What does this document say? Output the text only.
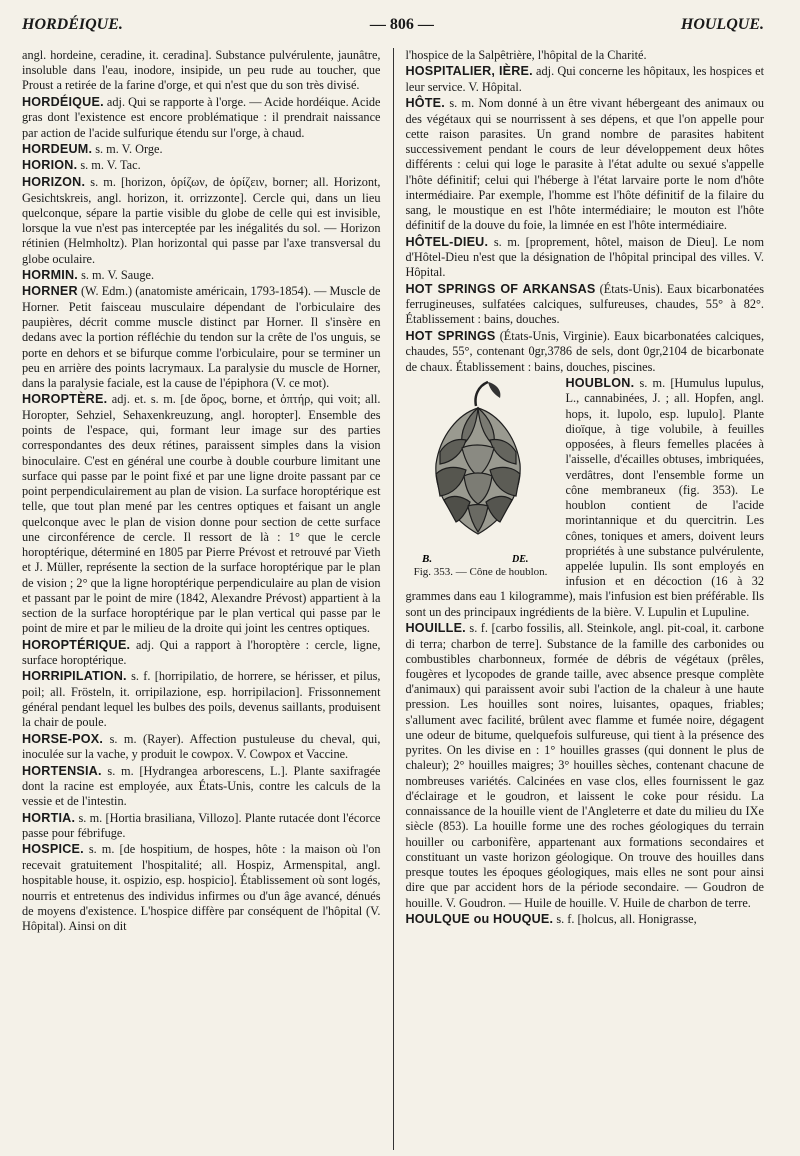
HORDÉIQUE.	— 806 —	HOULQUE.

angl. hordeine, ceradine, it. ceradina]. Substance pulvérulente, jaunâtre, insoluble dans l'eau, inodore, insipide, un peu rude au toucher, que Proust a retirée de la farine d'orge, et qui n'est que du son très divisé.

HORDÉIQUE. adj. Qui se rapporte à l'orge. — Acide hordéique. Acide gras dont l'existence est encore problématique : il prendrait naissance par action de l'acide sulfurique étendu sur l'orge, à chaud.

HORDEUM. s. m. V. Orge.

HORION. s. m. V. Tac.

HORIZON. s. m. [horizon, ὁρίζων, de ὁρίζειν, borner; all. Horizont, Gesichtskreis, angl. horizon, it. orrizzonte]. Cercle qui, dans un lieu quelconque, sépare la partie visible du globe de celle qui est invisible, lorsque la vue n'est pas interceptée par les inégalités du sol. — Horizon rétinien (Helmholtz). Plan horizontal qui passe par l'axe transversal du globe oculaire.

HORMIN. s. m. V. Sauge.

HORNER (W. Edm.) (anatomiste américain, 1793-1854). — Muscle de Horner. Petit faisceau musculaire dépendant de l'orbiculaire des paupières, décrit comme muscle distinct par Horner. Il s'insère en dedans avec la portion réfléchie du tendon sur la crête de l'os unguis, se porte en dehors et se bifurque comme l'orbiculaire, pour se terminer un peu en arrière des points lacrymaux. La paralysie du muscle de Horner, dans la paralysie faciale, est la cause de l'épiphora (V. ce mot).

HOROPTÈRE. adj. et. s. m. [de ὅρος, borne, et ὀπτήρ, qui voit; all. Horopter, Sehziel, Sehaxenkreuzung, angl. horopter]. Ensemble des points de l'espace, qui, formant leur image sur des parties correspondantes des deux rétines, paraissent simples dans la vision binoculaire. C'est en général une courbe à double courbure limitant une surface qui passe par le point fixé et par une ligne droite passant par ce point perpendiculairement au plan de vision. La surface horoptérique est telle, que tout plan mené par les centres optiques et faisant un angle quelconque avec le plan de vision donne pour section de cette surface une circonférence de cercle. Il ressort de là : 1° que le cercle horoptérique, déterminé en 1805 par Pierre Prévost et retrouvé par Vieth et J. Müller, représente la section de la surface horoptérique par le plan de vision ; 2° que la ligne horoptérique perpendiculaire au plan de vision et passant par le point de mire (1842, Alexandre Prévost) appartient à la section de la surface horoptérique par le plan vertical qui passe par le point de mire et par le milieu de la droite qui joint les centres optiques.

HOROPTÉRIQUE. adj. Qui a rapport à l'horoptère : cercle, ligne, surface horoptérique.

HORRIPILATION. s. f. [horripilatio, de horrere, se hérisser, et pilus, poil; all. Frösteln, it. orripilazione, esp. horripilacion]. Frissonnement général pendant lequel les bulbes des poils, devenus saillants, produisent la chair de poule.

HORSE-POX. s. m. (Rayer). Affection pustuleuse du cheval, qui, inoculée sur la vache, y produit le cowpox. V. Cowpox et Vaccine.

HORTENSIA. s. m. [Hydrangea arborescens, L.]. Plante saxifragée dont la racine est employée, aux États-Unis, contre les calculs de la vessie et de l'intestin.

HORTIA. s. m. [Hortia brasiliana, Villozo]. Plante rutacée dont l'écorce passe pour fébrifuge.

HOSPICE. s. m. [de hospitium, de hospes, hôte : la maison où l'on recevait gratuitement l'hospitalité; all. Hospiz, Armenspital, angl. hospitable house, it. ospizio, esp. hospicio]. Établissement où sont logés, nourris et entretenus des individus infirmes ou d'un âge avancé, dénués de moyens d'existence. L'hospice diffère par conséquent de l'hôpital (V. Hôpital). Ainsi on dit

l'hospice de la Salpêtrière, l'hôpital de la Charité.

HOSPITALIER, IÈRE. adj. Qui concerne les hôpitaux, les hospices et leur service. V. Hôpital.

HÔTE. s. m. Nom donné à un être vivant hébergeant des animaux ou des végétaux qui se nourrissent à ses dépens, et que l'on appelle pour cette raison parasites. Un grand nombre de parasites habitent successivement pendant le cours de leur développement deux hôtes différents : celui qui loge le parasite à l'état adulte ou sexué s'appelle l'hôte définitif; celui qui l'héberge à l'état larvaire porte le nom d'hôte intermédiaire. Par exemple, l'homme est l'hôte définitif de la filaire du sang, le moustique en est l'hôte intermédiaire; le mouton est l'hôte définitif de la douve du foie, la limnée en est l'hôte intermédiaire.

HÔTEL-DIEU. s. m. [proprement, hôtel, maison de Dieu]. Le nom d'Hôtel-Dieu n'est que la désignation de l'hôpital principal des villes. V. Hôpital.

HOT SPRINGS OF ARKANSAS (États-Unis). Eaux bicarbonatées ferrugineuses, sulfatées calciques, sulfureuses, chaudes, 55° à 82°. Établissement : bains, douches.

HOT SPRINGS (États-Unis, Virginie). Eaux bicarbonatées calciques, chaudes, 55°, contenant 0gr,3786 de sels, dont 0gr,2104 de bicarbonate de chaux. Établissement : bains, douches, piscines.

B.	DE.
Fig. 353. — Cône de houblon.

HOUBLON. s. m. [Humulus lupulus, L., cannabinées, J. ; all. Hopfen, angl. hops, it. lupolo, esp. lupulo]. Plante dioïque, à tige volubile, à feuilles opposées, à fleurs femelles placées à l'aisselle, d'écailles obtuses, imbriquées, verdâtres, dont l'ensemble forme un cône membraneux (fig. 353). Le houblon contient de l'acide morintannique et du quercitrin. Les cônes, toniques et amers, doivent leurs propriétés à une substance pulvérulente, appelée lupulin. Ils sont employés en infusion et en décoction (16 à 32 grammes dans eau 1 kilogramme), mais l'infusion est bien préférable. Ils sont un des principaux ingrédients de la bière. V. Lupulin et Lupuline.

HOUILLE. s. f. [carbo fossilis, all. Steinkole, angl. pit-coal, it. carbone di terra; charbon de terre]. Substance de la famille des carbonides ou combustibles charbonneux, formée de débris de végétaux (prêles, fougères et lycopodes de grande taille, avec absence presque complète d'animaux) qui paraissent avoir subi l'action de la chaleur à une haute pression. Les houilles sont noires, luisantes, opaques, friables; s'allument avec facilité, brûlent avec flamme et fumée noire, dégagent une odeur de bitume, quelquefois sulfureuse, qui tient à la présence des pyrites. On les divise en : 1° houilles grasses (qui donnent le plus de chaleur); 2° houilles maigres; 3° houilles sèches, contenant chacune de nombreuses variétés. Calcinées en vase clos, elles fournissent le gaz d'éclairage et le goudron, et laissent le coke pour résidu. La connaissance de la houille vient de l'Angleterre et date du milieu du IXe siècle (853). La houille forme une des roches géologiques du terrain houiller ou carbonifère, appartenant aux formations secondaires et constituant un vaste horizon géologique. On trouve des houilles dans presque toutes les époques géologiques, mais elles ne sont pour ainsi dire que par accident hors de la période secondaire. — Goudron de houille. V. Goudron. — Huile de houille. V. Huile de charbon de terre.

HOULQUE ou HOUQUE. s. f. [holcus, all. Honigrasse,
